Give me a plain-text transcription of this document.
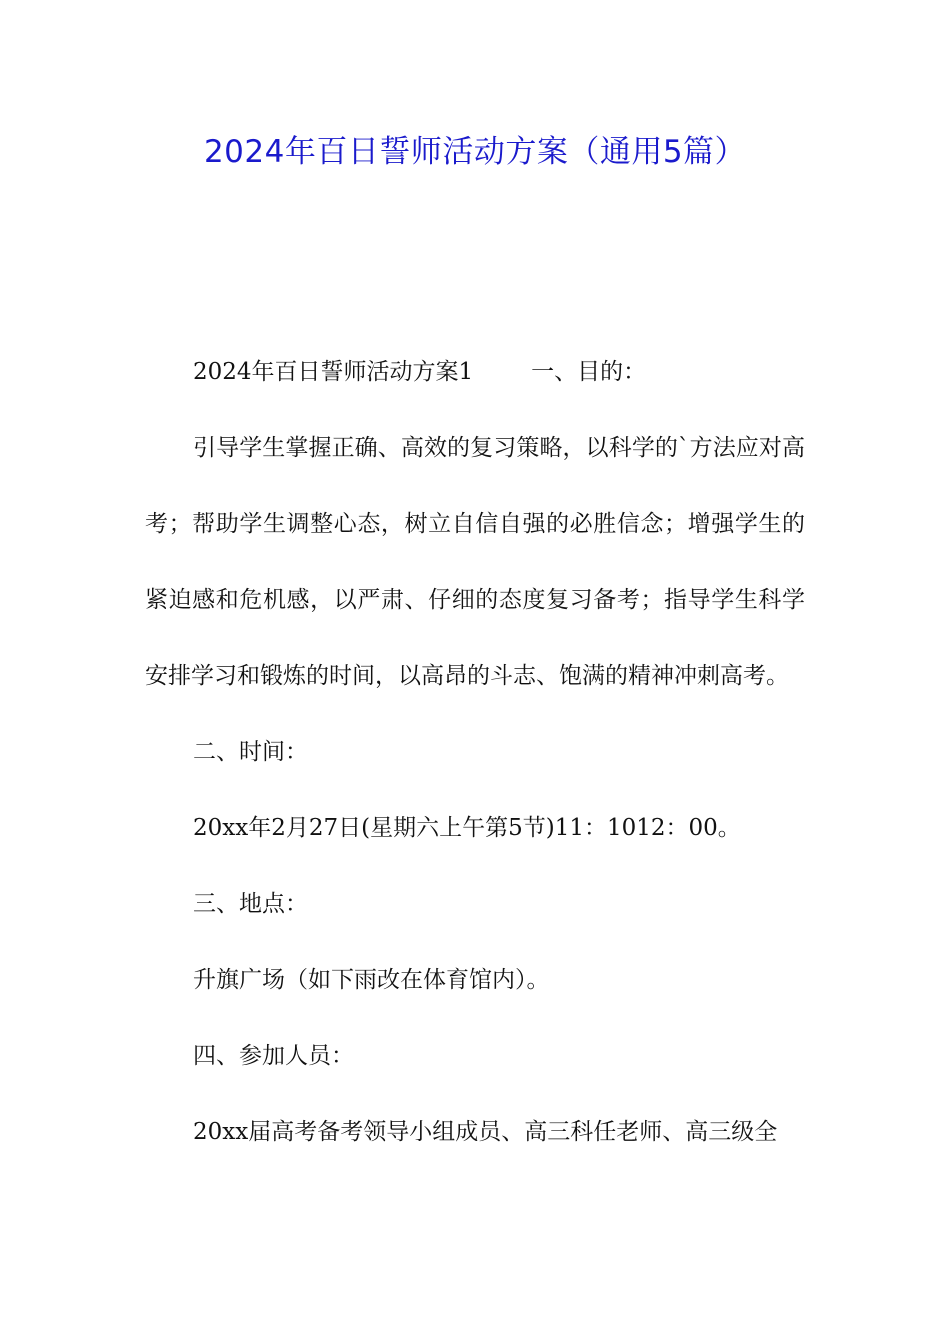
2024年百日誓师活动方案（通用5篇）

2024年百日誓师活动方案1	一、目的：

引导学生掌握正确、高效的复习策略，以科学的`方法应对高考；帮助学生调整心态，树立自信自强的必胜信念；增强学生的紧迫感和危机感，以严肃、仔细的态度复习备考；指导学生科学安排学习和锻炼的时间，以高昂的斗志、饱满的精神冲刺高考。

二、时间：

20xx年2月27日(星期六上午第5节)11：1012：00。

三、地点：

升旗广场（如下雨改在体育馆内）。

四、参加人员：

20xx届高考备考领导小组成员、高三科任老师、高三级全
